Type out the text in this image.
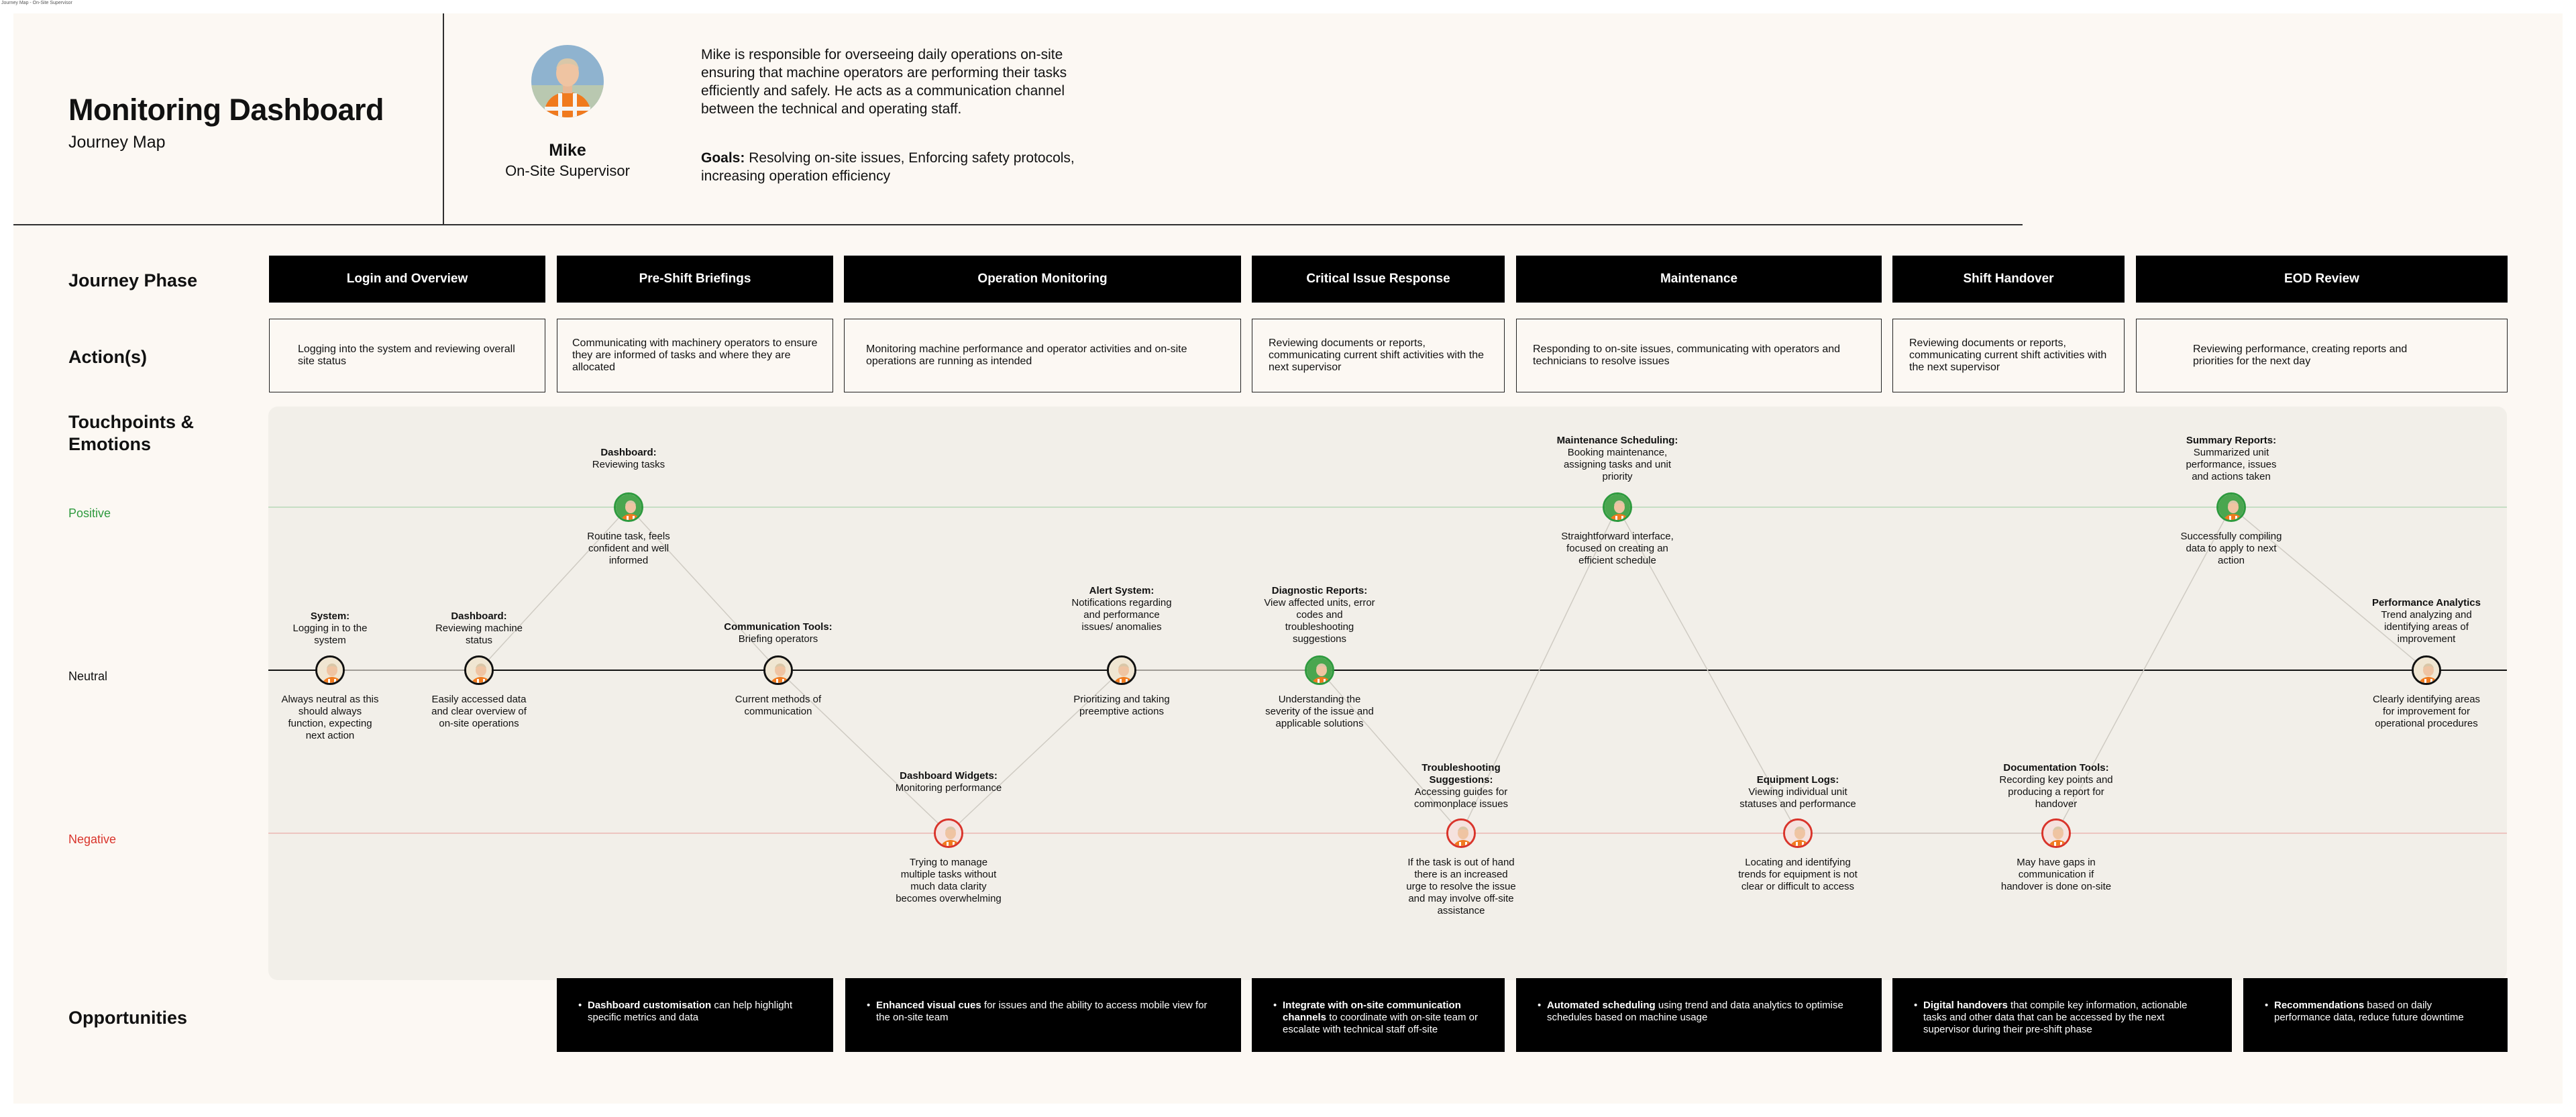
Journey Map - On-Site Supervisor
Monitoring Dashboard
Journey Map	Mike
On-Site Supervisor
Mike is responsible for overseeing daily operations on-site ensuring that machine operators are performing their tasks efficiently and safely. He acts as a communication channel between the technical and operating staff.
Goals: Resolving on-site issues, Enforcing safety protocols, increasing operation efficiency
Journey Phase
Action(s)
Touchpoints & Emotions
Opportunities
Login and Overview	Pre-Shift Briefings	Operation Monitoring	Critical Issue Response	Maintenance	Shift Handover	EOD Review
Logging into the system and reviewing overall site status
Communicating with machinery operators to ensure they are informed of tasks and where they are allocated
Monitoring machine performance and operator activities and on-site operations are running as intended
Reviewing documents or reports, communicating current shift activities with the next supervisor
Responding to on-site issues, communicating with operators and technicians to resolve issues
Reviewing documents or reports, communicating current shift activities with the next supervisor
Reviewing performance, creating reports and priorities for the next day
Positive
Neutral
Negative
• Dashboard customisation can help highlight specific metrics and data
• Enhanced visual cues for issues and the ability to access mobile view for the on-site team
• Integrate with on-site communication channels to coordinate with on-site team or escalate with technical staff off-site
• Automated scheduling using trend and data analytics to optimise schedules based on machine usage
• Digital handovers that compile key information, actionable tasks and other data that can be accessed by the next supervisor during their pre-shift phase
• Recommendations based on daily performance data, reduce future downtime
System:
Logging in to the system
Always neutral as this should always function, expecting next action
Dashboard:
Reviewing machine status
Easily accessed data and clear overview of on-site operations
Dashboard:
Reviewing tasks
Routine task, feels confident and well informed
Communication Tools:
Briefing operators
Current methods of communication
Dashboard Widgets:
Monitoring performance
Trying to manage multiple tasks without much data clarity becomes overwhelming
Alert System:
Notifications regarding and performance issues/ anomalies
Prioritizing and taking preemptive actions
Diagnostic Reports:
View affected units, error codes and troubleshooting suggestions
Understanding the severity of the issue and applicable solutions
Troubleshooting Suggestions:
Accessing guides for commonplace issues
If the task is out of hand there is an increased urge to resolve the issue and may involve off-site assistance
Maintenance Scheduling:
Booking maintenance, assigning tasks and unit priority
Straightforward interface, focused on creating an efficient schedule
Equipment Logs:
Viewing individual unit statuses and performance
Locating and identifying trends for equipment is not clear or difficult to access
Documentation Tools:
Recording key points and producing a report for handover
May have gaps in communication if handover is done on-site
Summary Reports:
Summarized unit performance, issues and actions taken
Successfully compiling data to apply to next action
Performance Analytics
Trend analyzing and identifying areas of improvement
Clearly identifying areas for improvement for operational procedures
